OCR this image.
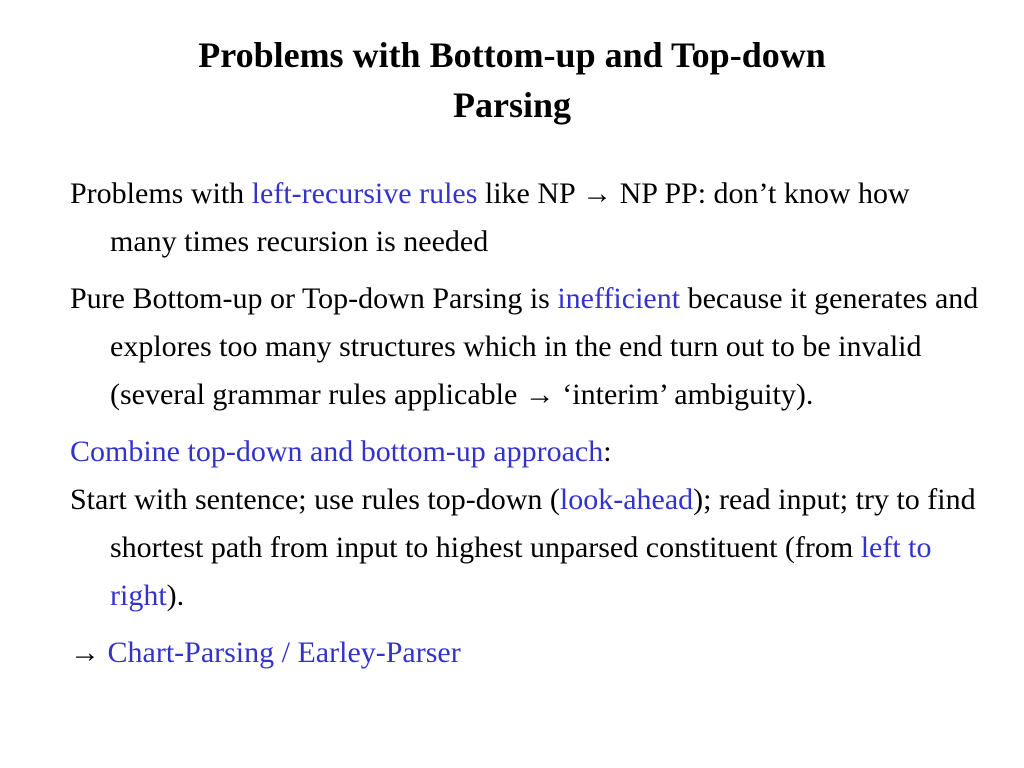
Problems with Bottom-up and Top-down
Parsing

Problems with left-recursive rules like NP → NP PP: don’t know how many times recursion is needed

Pure Bottom-up or Top-down Parsing is inefficient because it generates and explores too many structures which in the end turn out to be invalid (several grammar rules applicable → ‘interim’ ambiguity).

Combine top-down and bottom-up approach:
Start with sentence; use rules top-down (look-ahead); read input; try to find shortest path from input to highest unparsed constituent (from left to right).

→ Chart-Parsing / Earley-Parser
